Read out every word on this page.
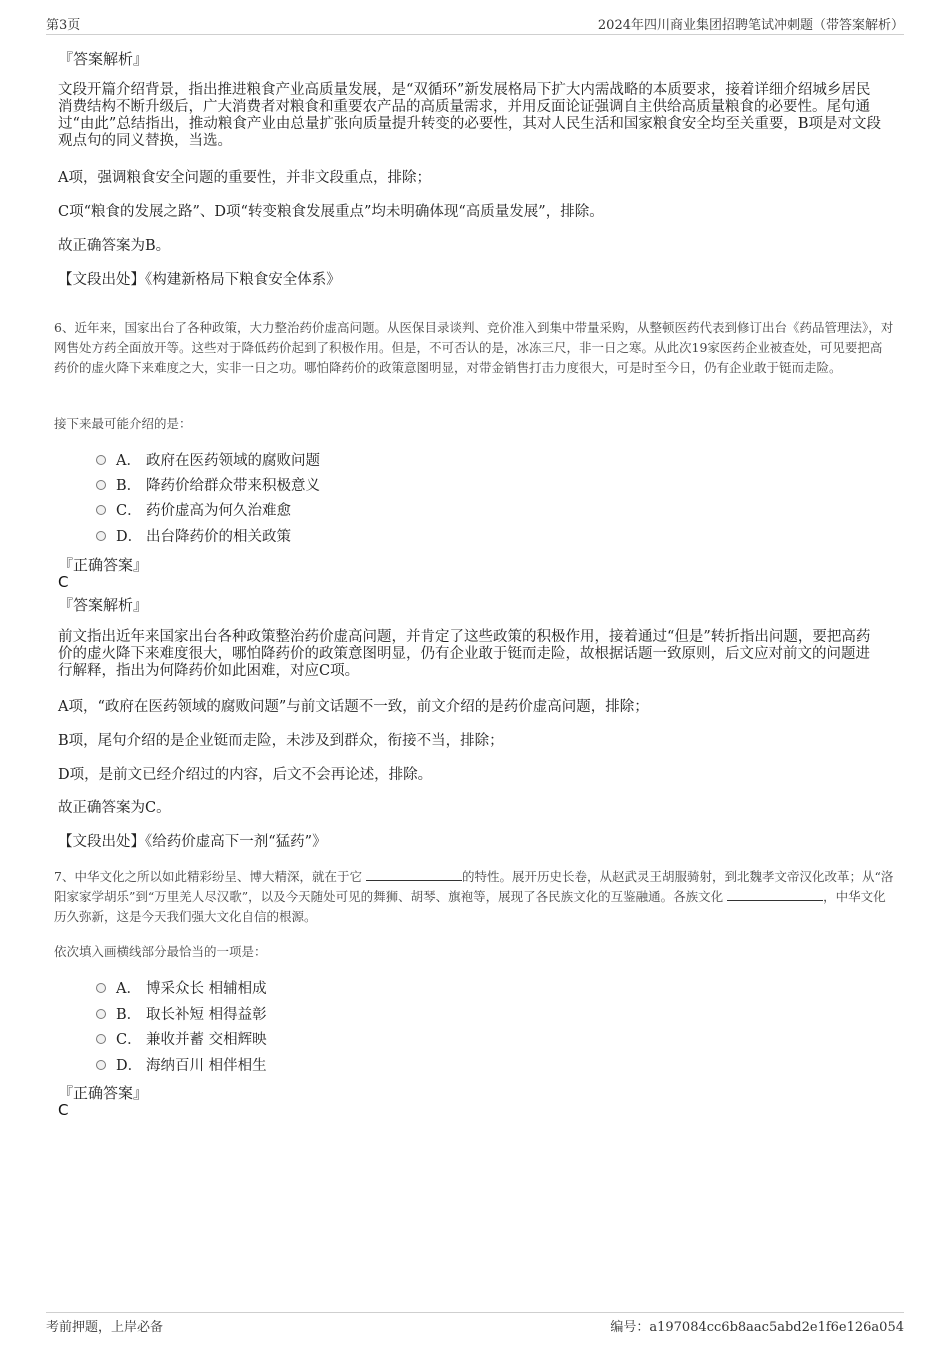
第3页	2024年四川商业集团招聘笔试冲刺题（带答案解析）
『答案解析』

文段开篇介绍背景，指出推进粮食产业高质量发展，是“双循环”新发展格局下扩大内需战略的本质要求，接着详细介绍城乡居民消费结构不断升级后，广大消费者对粮食和重要农产品的高质量需求，并用反面论证强调自主供给高质量粮食的必要性。尾句通过“由此”总结指出，推动粮食产业由总量扩张向质量提升转变的必要性，其对人民生活和国家粮食安全均至关重要，B项是对文段观点句的同义替换，当选。

A项，强调粮食安全问题的重要性，并非文段重点，排除；

C项“粮食的发展之路”、D项“转变粮食发展重点”均未明确体现“高质量发展”，排除。

故正确答案为B。

【文段出处】《构建新格局下粮食安全体系》

6、近年来，国家出台了各种政策，大力整治药价虚高问题。从医保目录谈判、竞价准入到集中带量采购，从整顿医药代表到修订出台《药品管理法》，对网售处方药全面放开等。这些对于降低药价起到了积极作用。但是，不可否认的是，冰冻三尺，非一日之寒。从此次19家医药企业被查处，可见要把高药价的虚火降下来难度之大，实非一日之功。哪怕降药价的政策意图明显，对带金销售打击力度很大，可是时至今日，仍有企业敢于铤而走险。

接下来最可能介绍的是：

A． 政府在医药领域的腐败问题
B． 降药价给群众带来积极意义
C． 药价虚高为何久治难愈
D． 出台降药价的相关政策
『正确答案』
C
『答案解析』

前文指出近年来国家出台各种政策整治药价虚高问题，并肯定了这些政策的积极作用，接着通过“但是”转折指出问题，要把高药价的虚火降下来难度很大，哪怕降药价的政策意图明显，仍有企业敢于铤而走险，故根据话题一致原则，后文应对前文的问题进行解释，指出为何降药价如此困难，对应C项。

A项，“政府在医药领域的腐败问题”与前文话题不一致，前文介绍的是药价虚高问题，排除；

B项，尾句介绍的是企业铤而走险，未涉及到群众，衔接不当，排除；

D项，是前文已经介绍过的内容，后文不会再论述，排除。

故正确答案为C。

【文段出处】《给药价虚高下一剂“猛药”》

7、中华文化之所以如此精彩纷呈、博大精深，就在于它	的特性。展开历史长卷，从赵武灵王胡服骑射，到北魏孝文帝汉化改革；从“洛阳家家学胡乐”到“万里羌人尽汉歌”，以及今天随处可见的舞狮、胡琴、旗袍等，展现了各民族文化的互鉴融通。各族文化	，中华文化历久弥新，这是今天我们强大文化自信的根源。

依次填入画横线部分最恰当的一项是：

A． 博采众长 相辅相成
B． 取长补短 相得益彰
C． 兼收并蓄 交相辉映
D． 海纳百川 相伴相生
『正确答案』
C
考前押题，上岸必备	编号：a197084cc6b8aac5abd2e1f6e126a054
